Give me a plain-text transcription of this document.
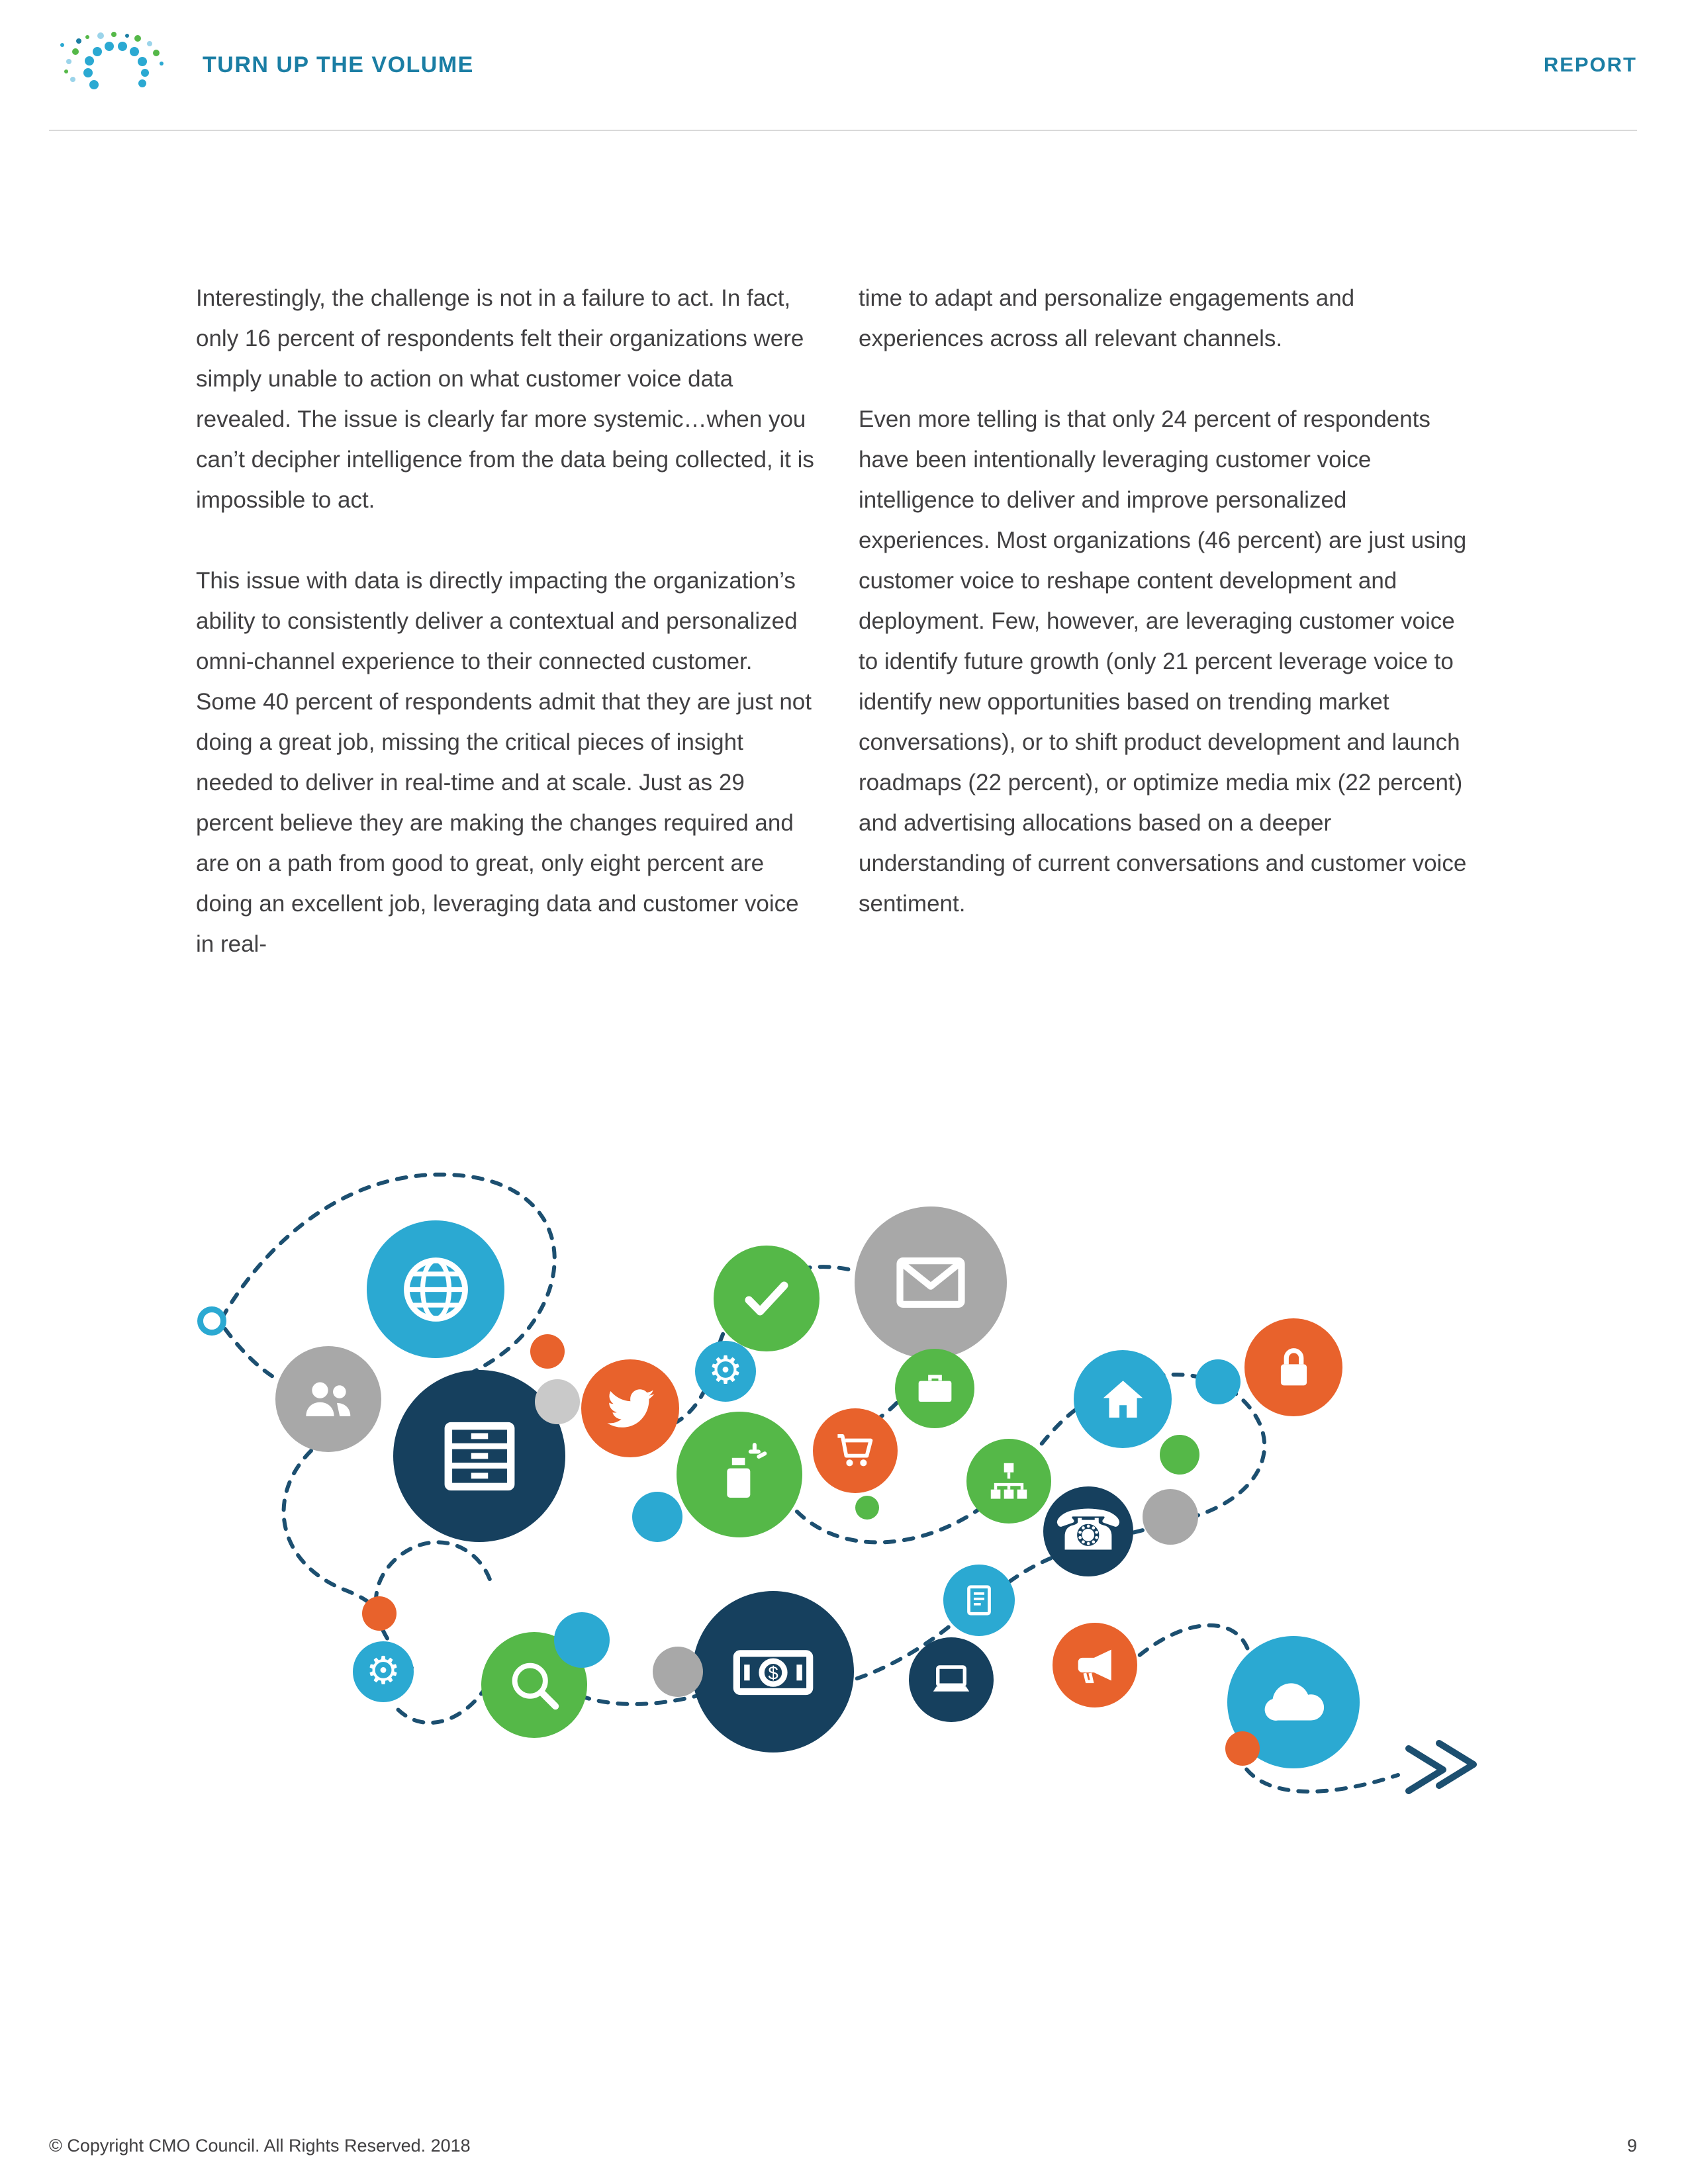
TURN UP THE VOLUME	REPORT

Interestingly, the challenge is not in a failure to act. In fact, only 16 percent of respondents felt their organizations were simply unable to action on what customer voice data revealed. The issue is clearly far more systemic…when you can’t decipher intelligence from the data being collected, it is impossible to act.

This issue with data is directly impacting the organization’s ability to consistently deliver a contextual and personalized omni-channel experience to their connected customer. Some 40 percent of respondents admit that they are just not doing a great job, missing the critical pieces of insight needed to deliver in real-time and at scale. Just as 29 percent believe they are making the changes required and are on a path from good to great, only eight percent are doing an excellent job, leveraging data and customer voice in real-

time to adapt and personalize engagements and experiences across all relevant channels.

Even more telling is that only 24 percent of respondents have been intentionally leveraging customer voice intelligence to deliver and improve personalized experiences. Most organizations (46 percent) are just using customer voice to reshape content development and deployment. Few, however, are leveraging customer voice to identify future growth (only 21 percent leverage voice to identify new opportunities based on trending market conversations), or to shift product development and launch roadmaps (22 percent), or optimize media mix (22 percent) and advertising allocations based on a deeper understanding of current conversations and customer voice sentiment.

⚙
☎
$
⚙
© Copyright CMO Council. All Rights Reserved. 2018	9
